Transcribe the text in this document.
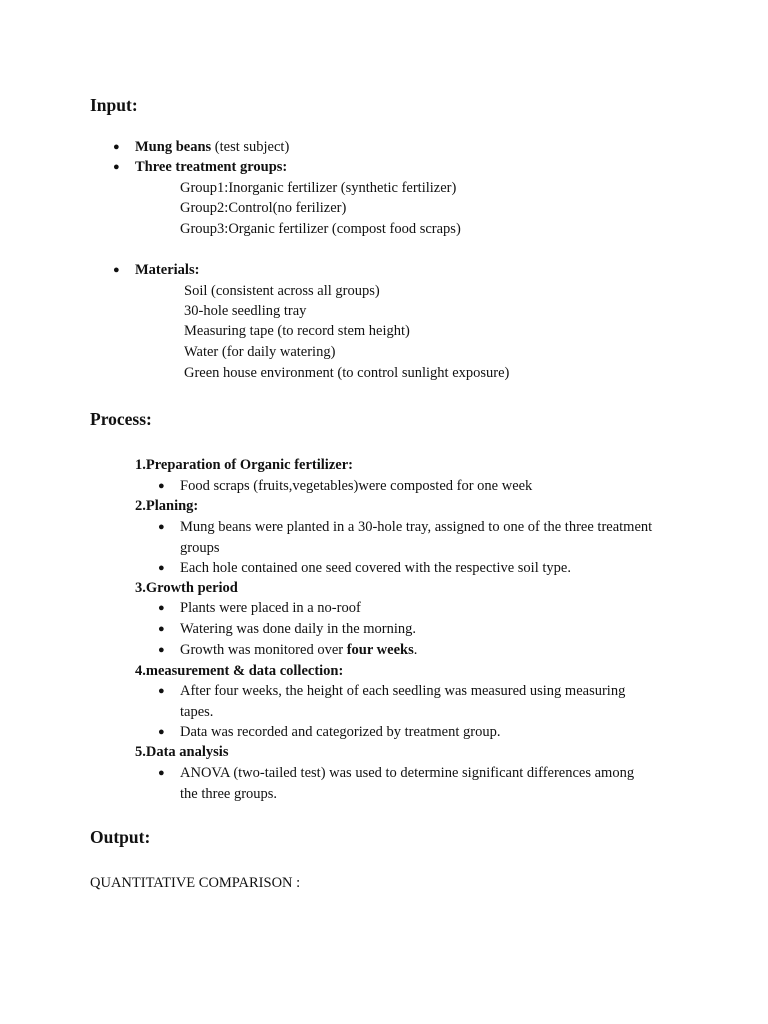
Input:
● Mung beans (test subject)

● Three treatment groups:

Group1:Inorganic fertilizer (synthetic fertilizer)

Group2:Control(no ferilizer)

Group3:Organic fertilizer (compost food scraps)

● Materials:

Soil (consistent across all groups)

30-hole seedling tray

Measuring tape (to record stem height)

Water (for daily watering)

Green house environment (to control sunlight exposure)

Process:

1.Preparation of Organic fertilizer:

● Food scraps (fruits,vegetables)were composted for one week

2.Planing:

● Mung beans were planted in a 30-hole tray, assigned to one of the three treatment

groups

● Each hole contained one seed covered with the respective soil type.

3.Growth period

● Plants were placed in a no-roof

● Watering was done daily in the morning.

● Growth was monitored over four weeks.

4.measurement & data collection:

● After four weeks, the height of each seedling was measured using measuring

tapes.

● Data was recorded and categorized by treatment group.

5.Data analysis

● ANOVA (two-tailed test) was used to determine significant differences among

the three groups.

Output:

QUANTITATIVE COMPARISON :
